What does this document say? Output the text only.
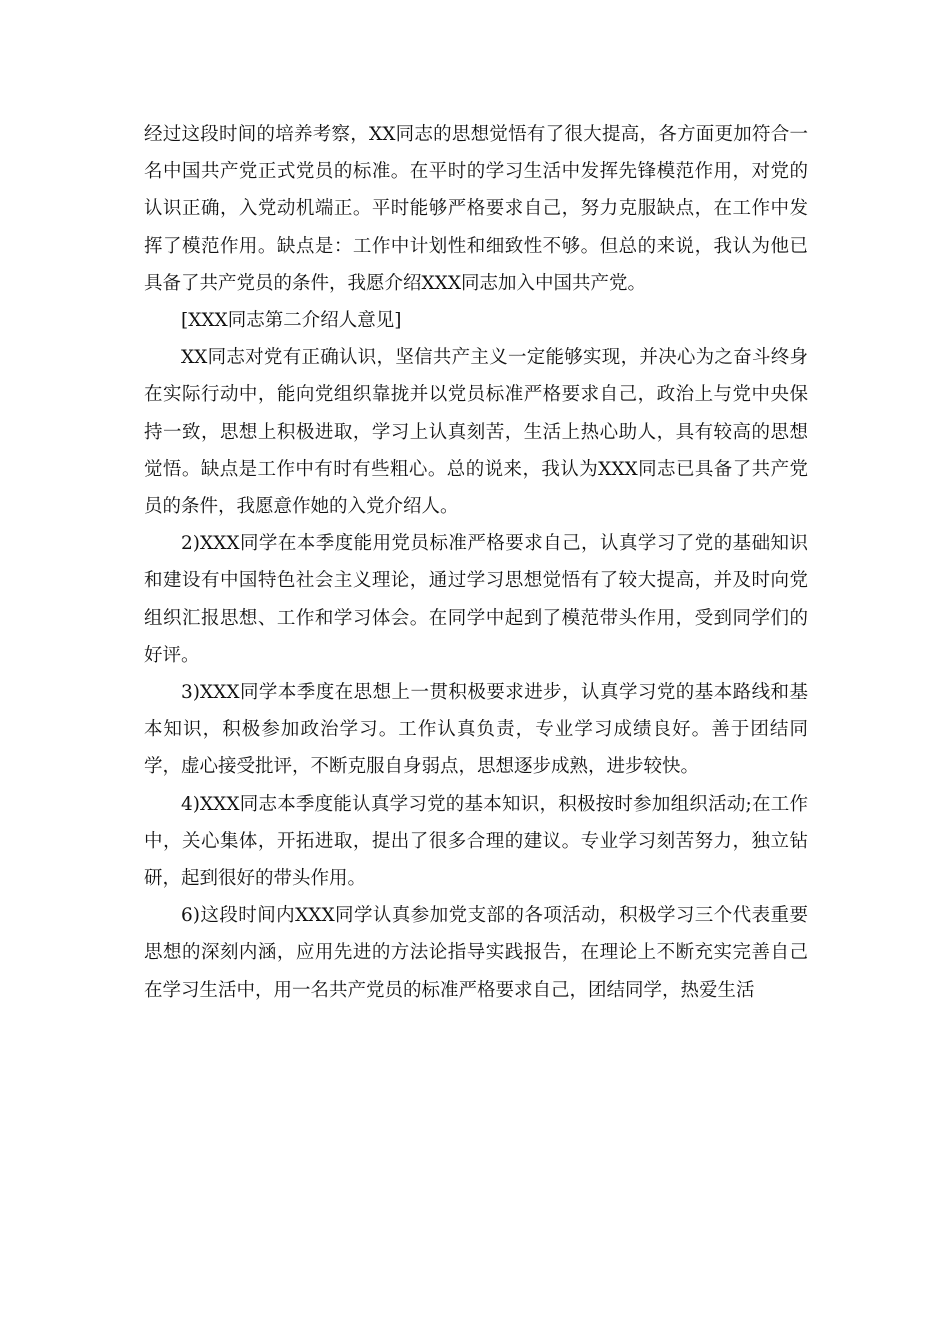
经过这段时间的培养考察，XX同志的思想觉悟有了很大提高，各方面更加符合一名中国共产党正式党员的标准。在平时的学习生活中发挥先锋模范作用，对党的认识正确，入党动机端正。平时能够严格要求自己，努力克服缺点，在工作中发挥了模范作用。缺点是：工作中计划性和细致性不够。但总的来说，我认为他已具备了共产党员的条件，我愿介绍XXX同志加入中国共产党。

[XXX同志第二介绍人意见]

XX同志对党有正确认识，坚信共产主义一定能够实现，并决心为之奋斗终身在实际行动中，能向党组织靠拢并以党员标准严格要求自己，政治上与党中央保持一致，思想上积极进取，学习上认真刻苦，生活上热心助人，具有较高的思想觉悟。缺点是工作中有时有些粗心。总的说来，我认为XXX同志已具备了共产党员的条件，我愿意作她的入党介绍人。

2)XXX同学在本季度能用党员标准严格要求自己，认真学习了党的基础知识和建设有中国特色社会主义理论，通过学习思想觉悟有了较大提高，并及时向党组织汇报思想、工作和学习体会。在同学中起到了模范带头作用，受到同学们的好评。

3)XXX同学本季度在思想上一贯积极要求进步，认真学习党的基本路线和基本知识，积极参加政治学习。工作认真负责，专业学习成绩良好。善于团结同学，虚心接受批评，不断克服自身弱点，思想逐步成熟，进步较快。

4)XXX同志本季度能认真学习党的基本知识，积极按时参加组织活动;在工作中，关心集体，开拓进取，提出了很多合理的建议。专业学习刻苦努力，独立钻研，起到很好的带头作用。

6)这段时间内XXX同学认真参加党支部的各项活动，积极学习三个代表重要思想的深刻内涵，应用先进的方法论指导实践报告，在理论上不断充实完善自己在学习生活中，用一名共产党员的标准严格要求自己，团结同学，热爱生活
